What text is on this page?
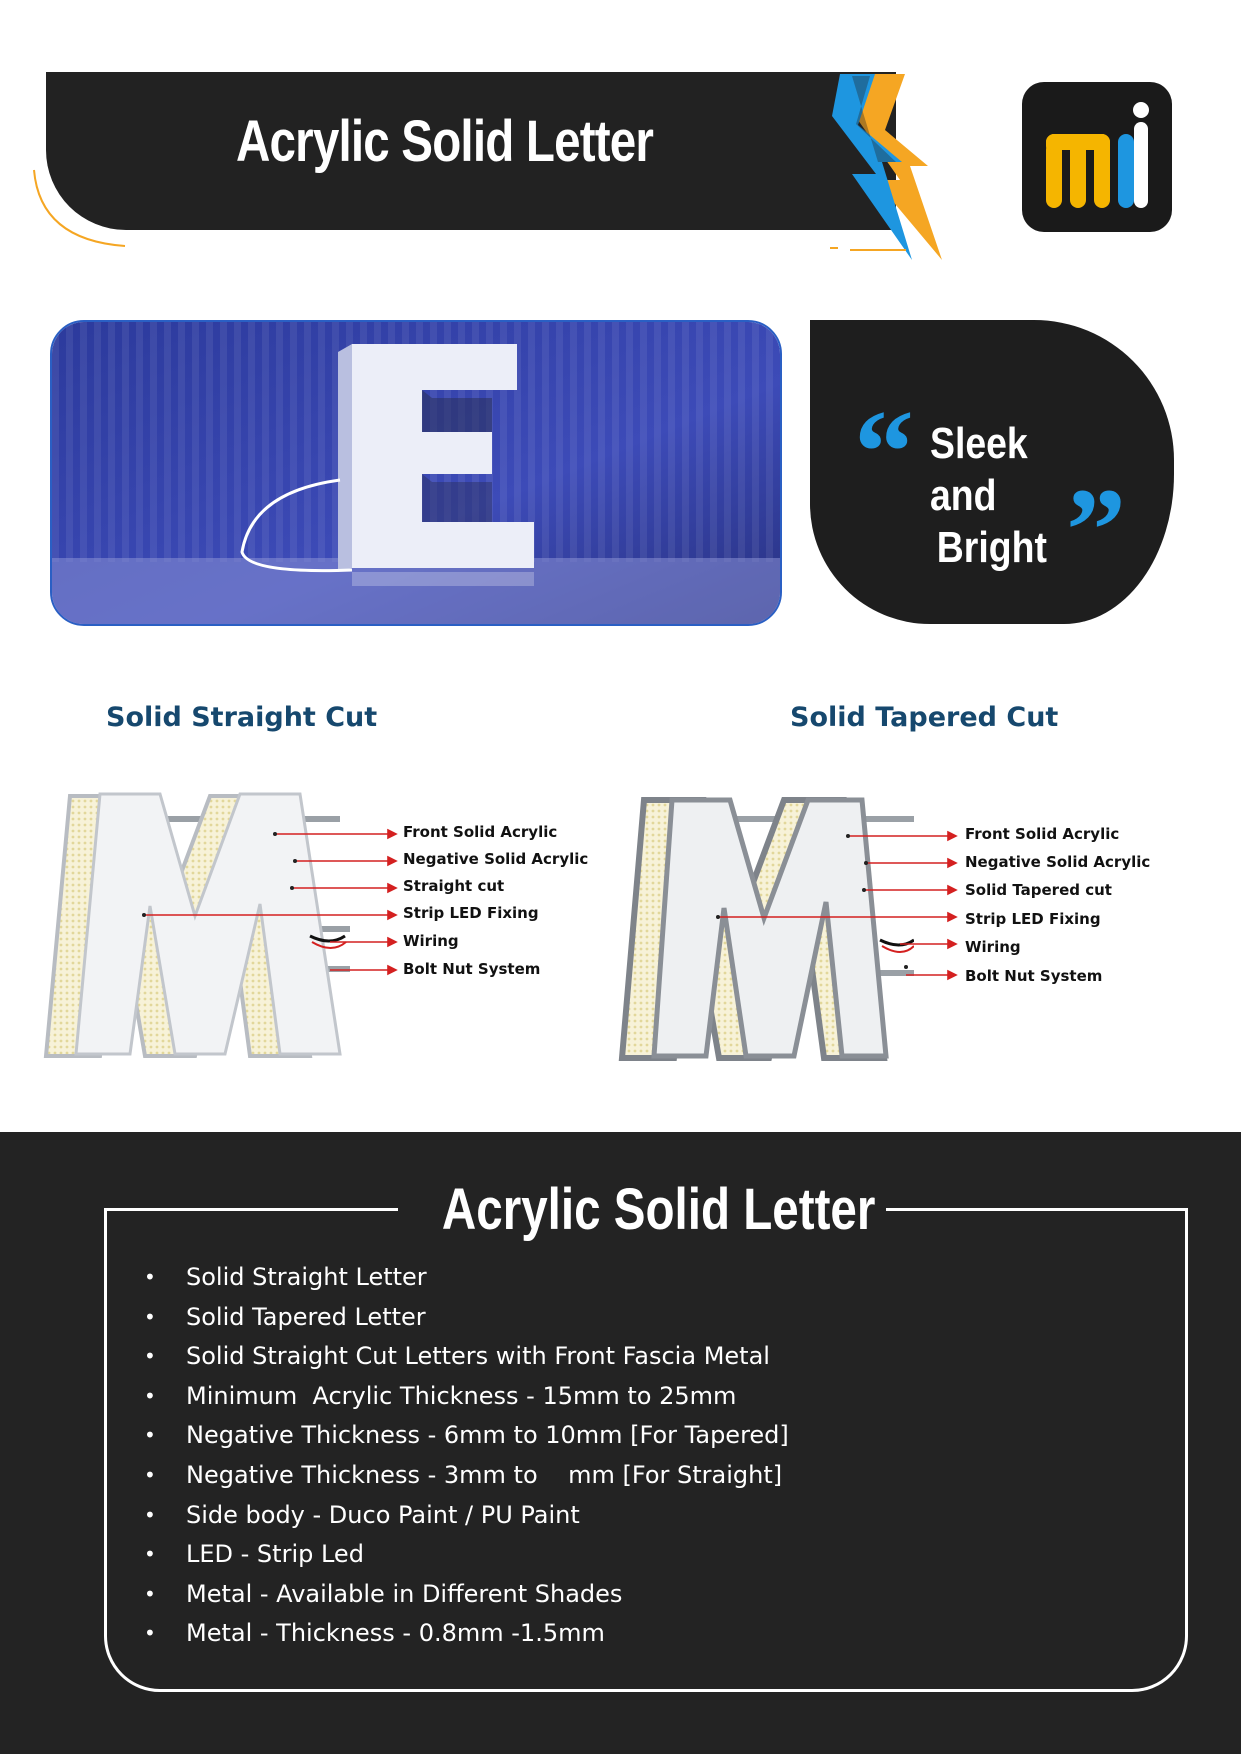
Acrylic Solid Letter
“ Sleek and
Bright ”
Solid Straight Cut	Solid Tapered Cut
Front Solid Acrylic
Negative Solid Acrylic
Straight cut
Strip LED Fixing
Wiring
Bolt Nut System
Front Solid Acrylic
Negative Solid Acrylic
Solid Tapered cut
Strip LED Fixing
Wiring
Bolt Nut System
Acrylic Solid Letter
• Solid Straight Letter
• Solid Tapered Letter
• Solid Straight Cut Letters with Front Fascia Metal
• Minimum  Acrylic Thickness - 15mm to 25mm
• Negative Thickness - 6mm to 10mm [For Tapered]
• Negative Thickness - 3mm to    mm [For Straight]
• Side body - Duco Paint / PU Paint
• LED - Strip Led
• Metal - Available in Different Shades
• Metal - Thickness - 0.8mm -1.5mm
